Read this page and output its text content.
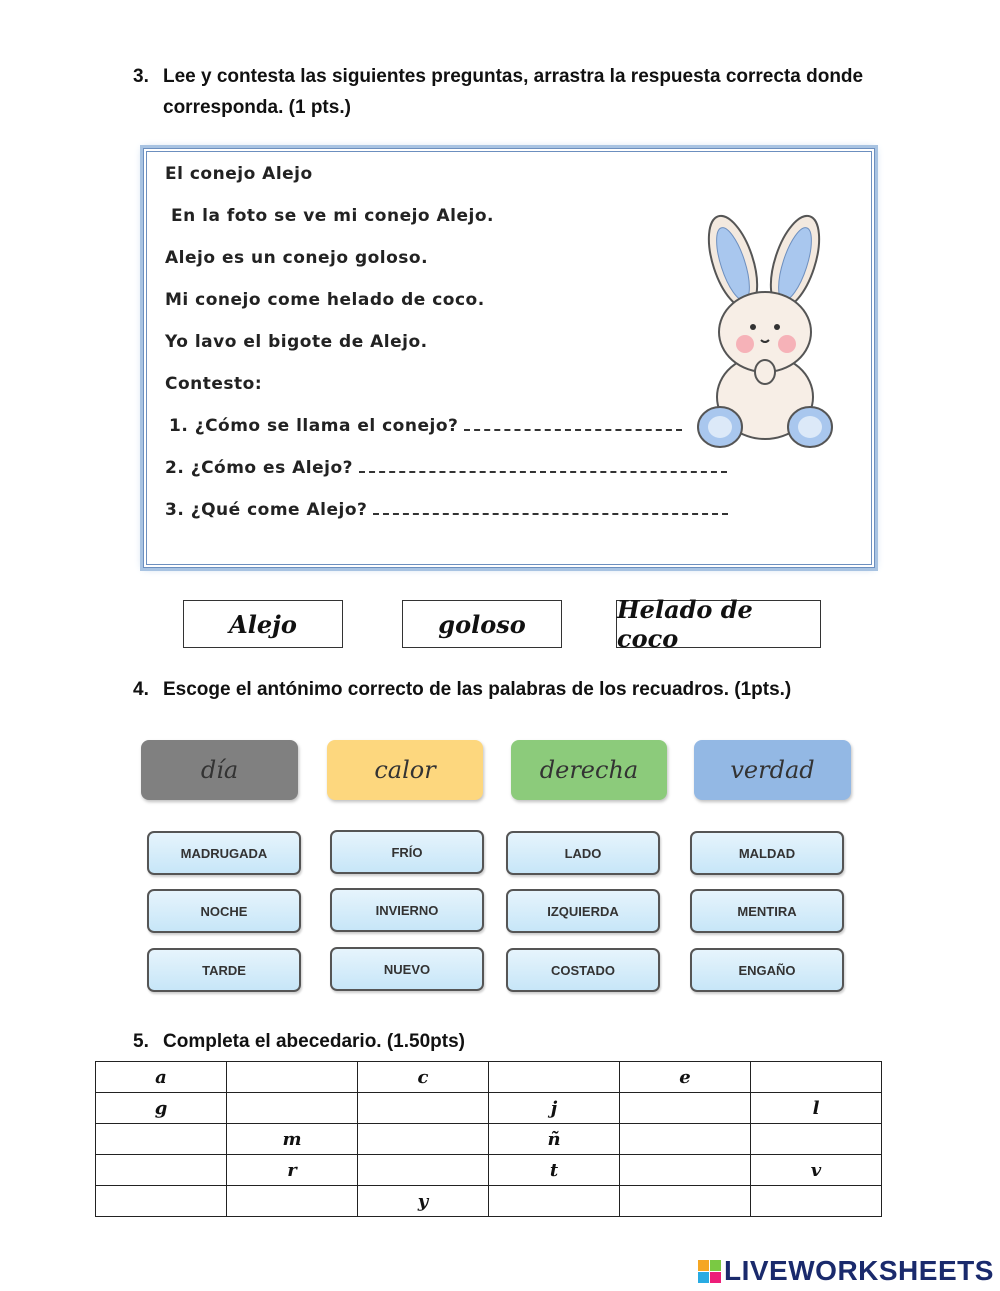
3. Lee y contesta las siguientes preguntas, arrastra la respuesta correcta donde
corresponda. (1 pts.)
El conejo Alejo
En la foto se ve mi conejo Alejo.
Alejo es un conejo goloso.
Mi conejo come helado de coco.
Yo lavo el bigote de Alejo.
Contesto:
1. ¿Cómo se llama el conejo?
2. ¿Cómo es Alejo?
3. ¿Qué come Alejo?
Alejo	goloso	Helado de coco
4. Escoge el antónimo correcto de las palabras de los recuadros. (1pts.)
día	calor	derecha	verdad
MADRUGADA
NOCHE
TARDE
FRÍO
INVIERNO
NUEVO
LADO
IZQUIERDA
COSTADO
MALDAD
MENTIRA
ENGAÑO
5. Completa el abecedario. (1.50pts)
a		c		e	
g			j		l
	m		ñ		
	r		t		v
		y			
LIVEWORKSHEETS
